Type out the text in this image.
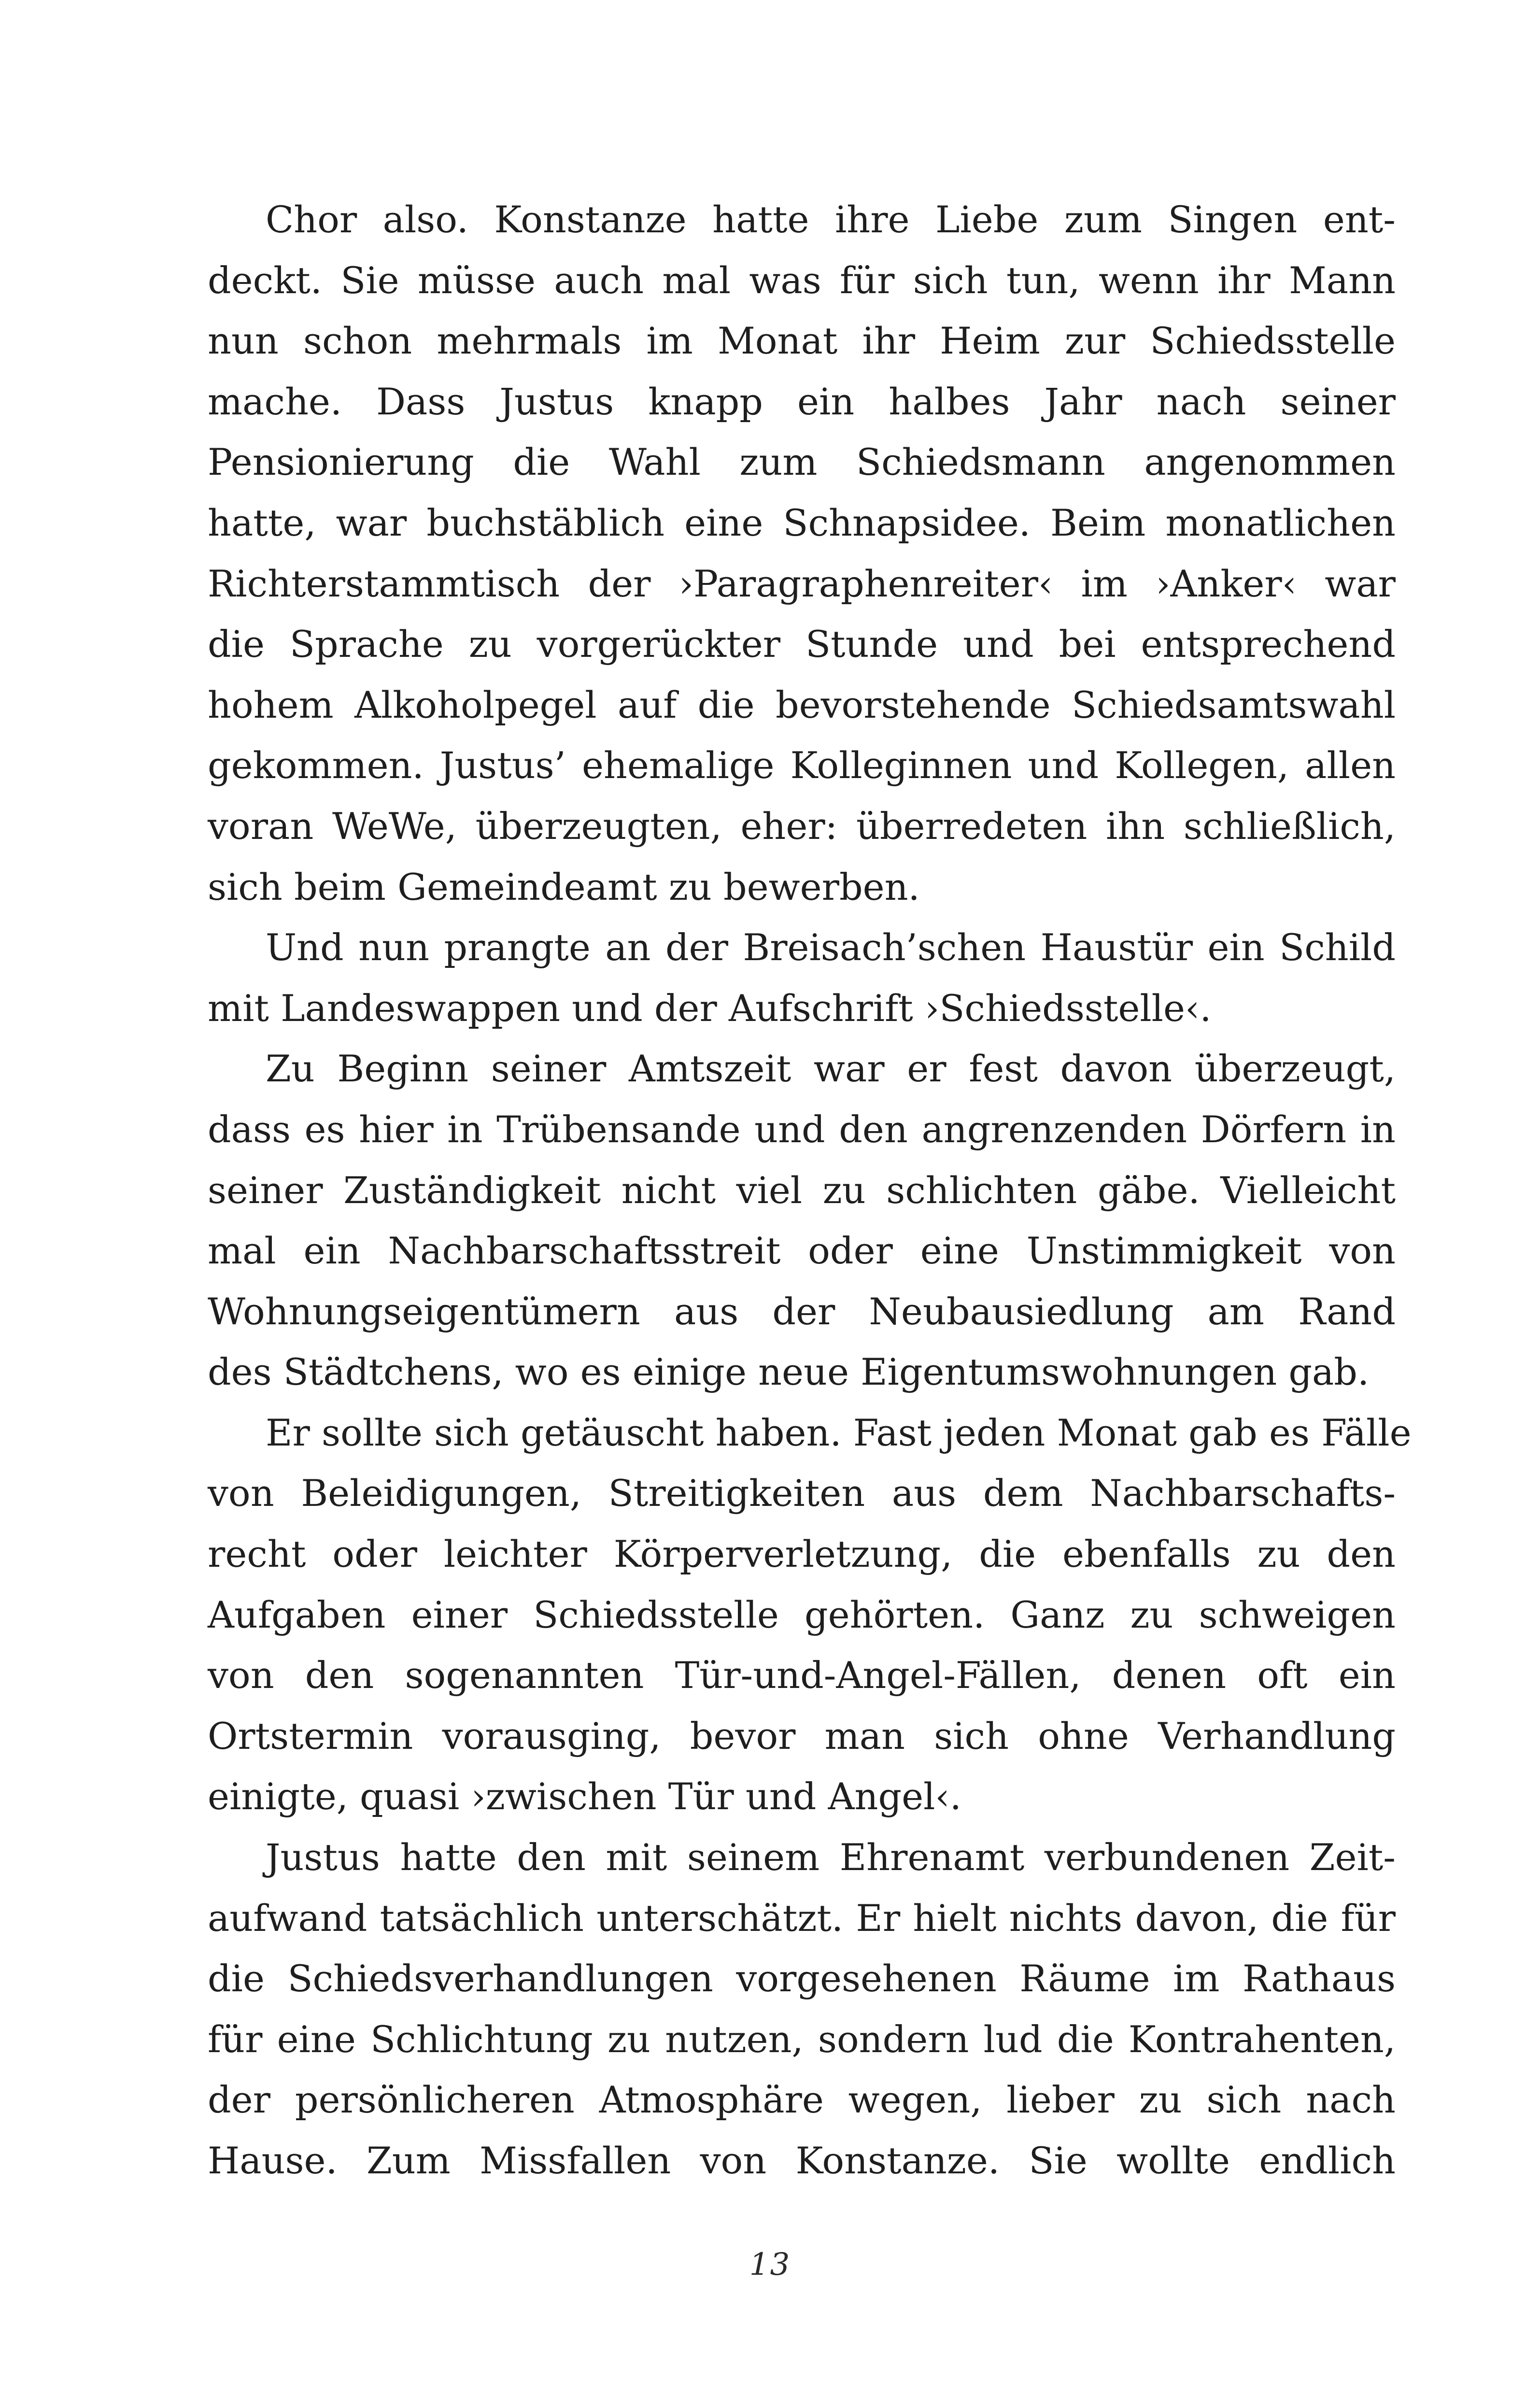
Chor also. Konstanze hatte ihre Liebe zum Singen ent-
deckt. Sie müsse auch mal was für sich tun, wenn ihr Mann
nun schon mehrmals im Monat ihr Heim zur Schiedsstelle
mache. Dass Justus knapp ein halbes Jahr nach seiner
Pensionierung die Wahl zum Schiedsmann angenommen
hatte, war buchstäblich eine Schnapsidee. Beim monatlichen
Richterstammtisch der ›Paragraphenreiter‹ im ›Anker‹ war
die Sprache zu vorgerückter Stunde und bei entsprechend
hohem Alkoholpegel auf die bevorstehende Schiedsamtswahl
gekommen. Justus’ ehemalige Kolleginnen und Kollegen, allen
voran WeWe, überzeugten, eher: überredeten ihn schließlich,
sich beim Gemeindeamt zu bewerben.
Und nun prangte an der Breisach’schen Haustür ein Schild
mit Landeswappen und der Aufschrift ›Schiedsstelle‹.
Zu Beginn seiner Amtszeit war er fest davon überzeugt,
dass es hier in Trübensande und den angrenzenden Dörfern in
seiner Zuständigkeit nicht viel zu schlichten gäbe. Vielleicht
mal ein Nachbarschaftsstreit oder eine Unstimmigkeit von
Wohnungseigentümern aus der Neubausiedlung am Rand
des Städtchens, wo es einige neue Eigentumswohnungen gab.
Er sollte sich getäuscht haben. Fast jeden Monat gab es Fälle
von Beleidigungen, Streitigkeiten aus dem Nachbarschafts-
recht oder leichter Körperverletzung, die ebenfalls zu den
Aufgaben einer Schiedsstelle gehörten. Ganz zu schweigen
von den sogenannten Tür-und-Angel-Fällen, denen oft ein
Ortstermin vorausging, bevor man sich ohne Verhandlung
einigte, quasi ›zwischen Tür und Angel‹.
Justus hatte den mit seinem Ehrenamt verbundenen Zeit-
aufwand tatsächlich unterschätzt. Er hielt nichts davon, die für
die Schiedsverhandlungen vorgesehenen Räume im Rathaus
für eine Schlichtung zu nutzen, sondern lud die Kontrahenten,
der persönlicheren Atmosphäre wegen, lieber zu sich nach
Hause. Zum Missfallen von Konstanze. Sie wollte endlich
13
